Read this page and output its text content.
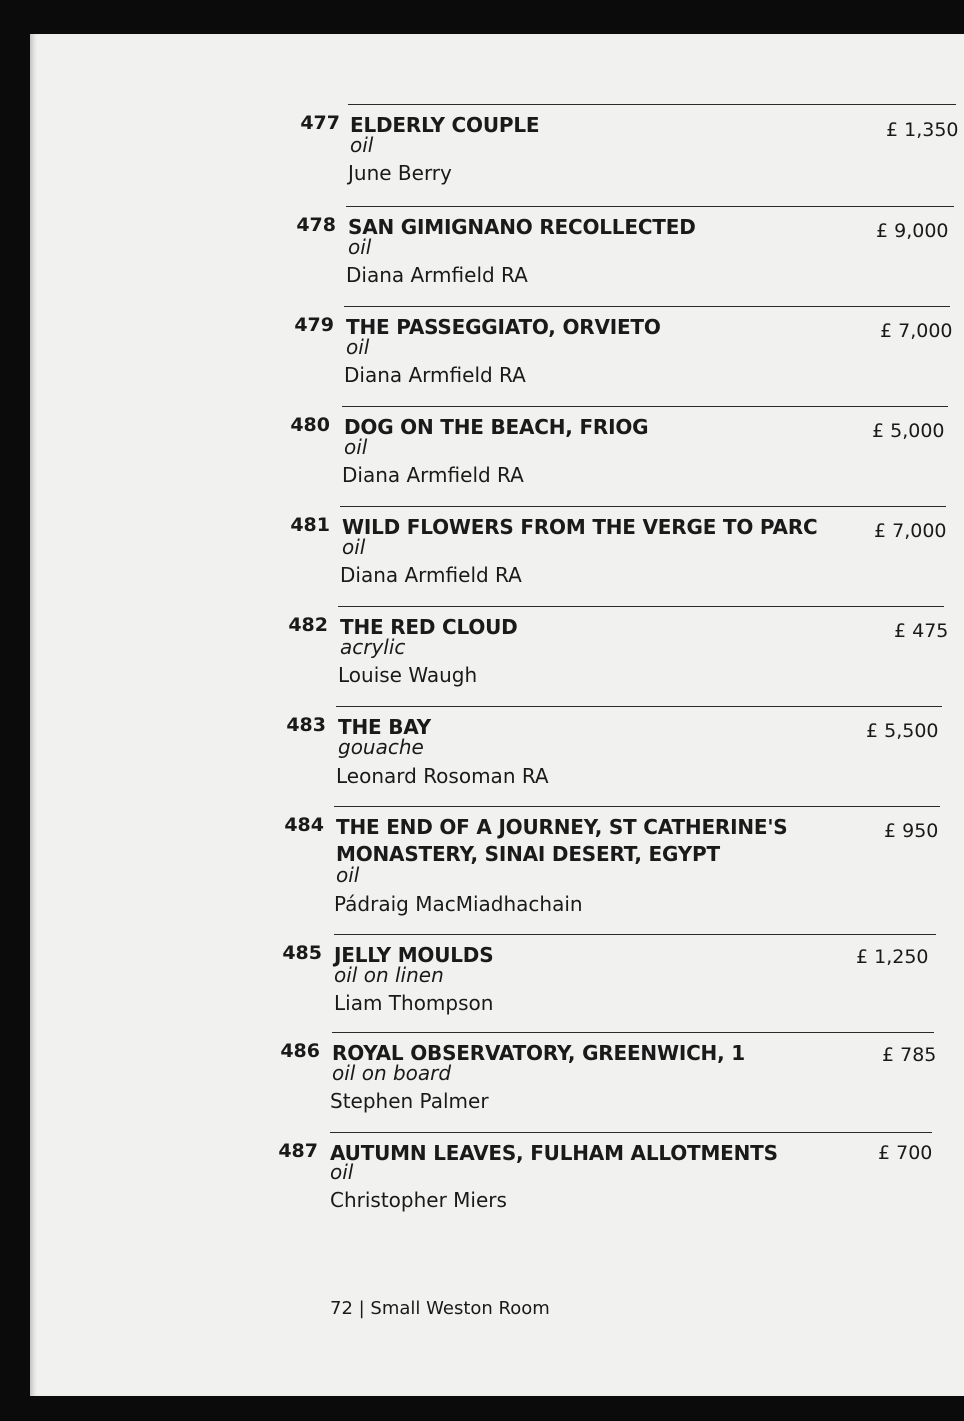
477 ELDERLY COUPLE
oil
June Berry
£ 1,350
478 SAN GIMIGNANO RECOLLECTED
oil
Diana Armfield RA
£ 9,000
479 THE PASSEGGIATO, ORVIETO
oil
Diana Armfield RA
£ 7,000
480 DOG ON THE BEACH, FRIOG
oil
Diana Armfield RA
£ 5,000
481 WILD FLOWERS FROM THE VERGE TO PARC
oil
Diana Armfield RA
£ 7,000
482 THE RED CLOUD
acrylic
Louise Waugh
£ 475
483 THE BAY
gouache
Leonard Rosoman RA
£ 5,500
484 THE END OF A JOURNEY, ST CATHERINE'S
MONASTERY, SINAI DESERT, EGYPT
oil
Pádraig MacMiadhachain
£ 950
485 JELLY MOULDS
oil on linen
Liam Thompson
£ 1,250
486 ROYAL OBSERVATORY, GREENWICH, 1
oil on board
Stephen Palmer
£ 785
487 AUTUMN LEAVES, FULHAM ALLOTMENTS
oil
Christopher Miers
£ 700
72 | Small Weston Room
